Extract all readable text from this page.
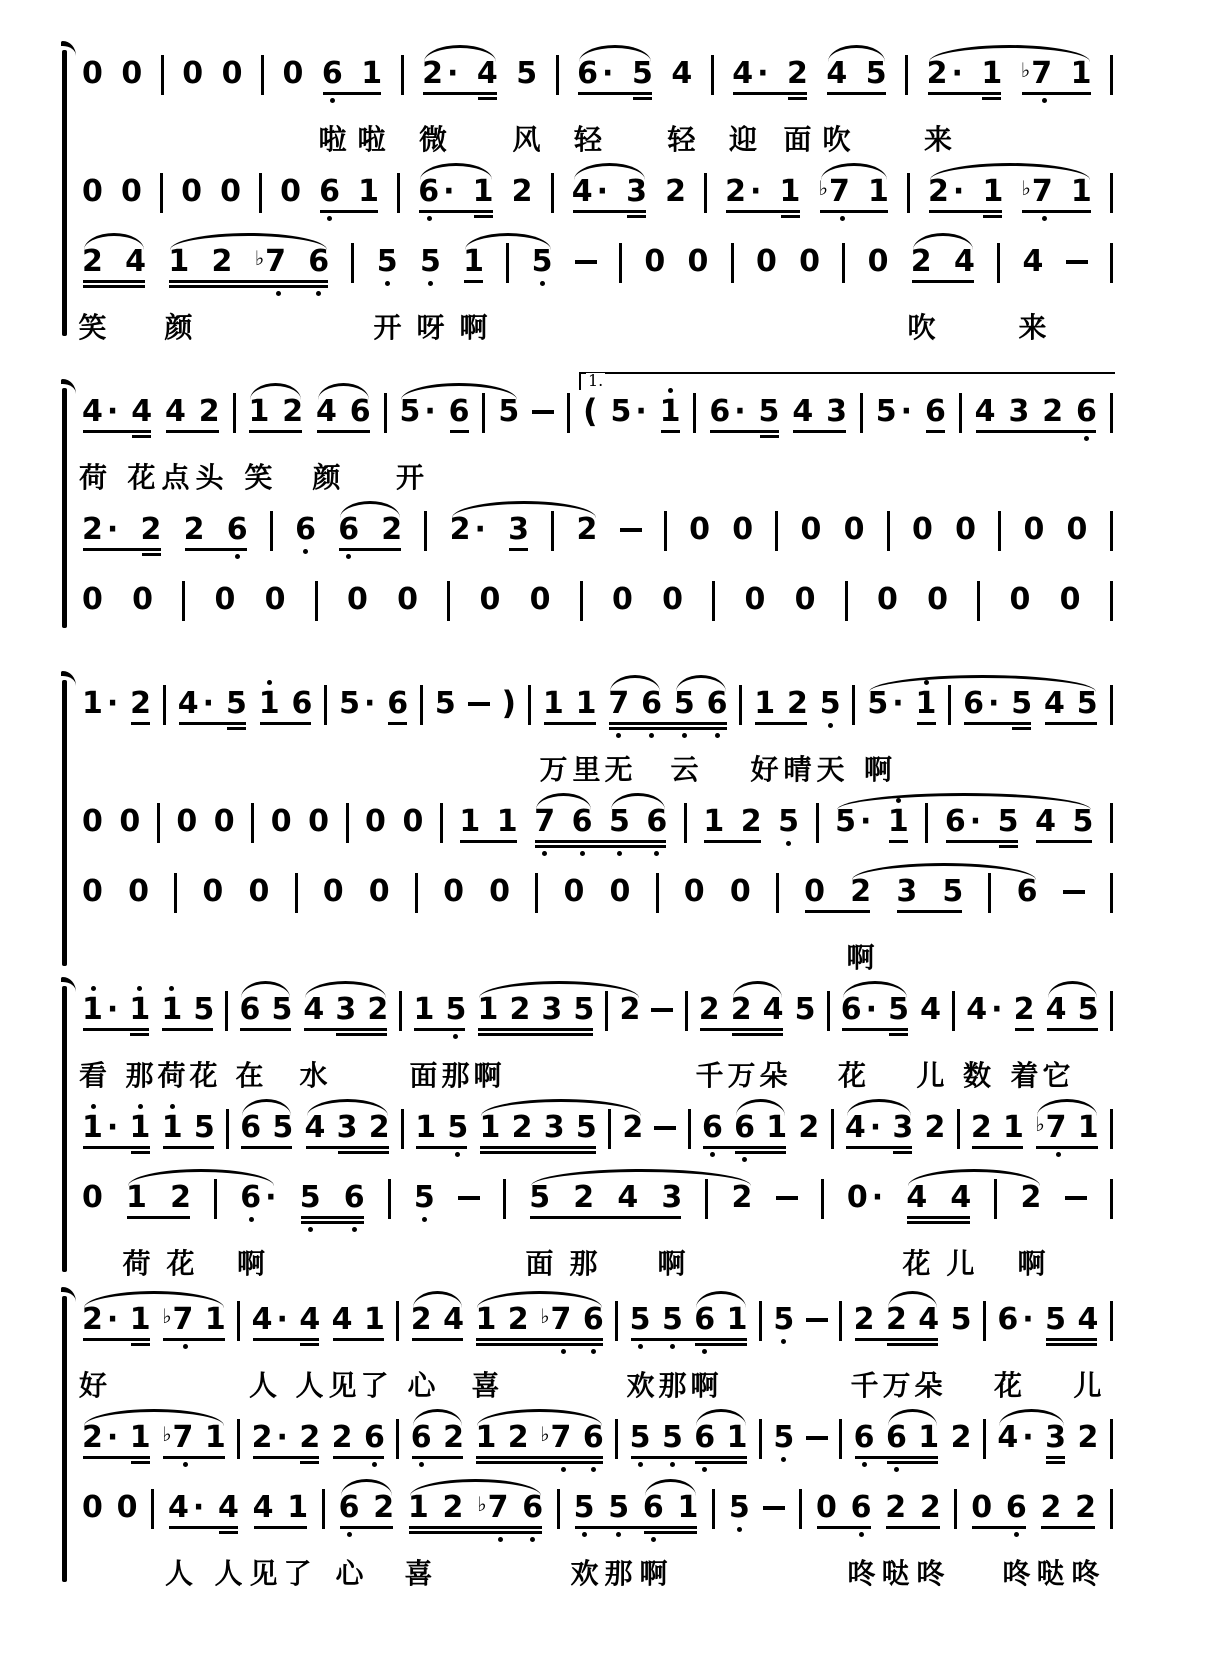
0 0 0 0 0 6 1 2 · 4 5 6 · 5 4 4 · 2 4 5 2 · 1 ♭7 1
啦 啦 微 风 轻 轻 迎 面 吹	来
0 0 0 0 0 6 1 6 · 1 2 4 · 3 2 2 · 1 ♭7 1 2 · 1 ♭7 1
2 4 1 2 ♭7 6 5 5 1 5	0 0 0 0 0 2 4 4
笑 颜	开 呀 啊	吹	来
4 · 4 4 2 1 2 4 6 5 · 6 5 ( 5 · 1 6 · 5 4 3 5 · 6 4 3 2 6
1.
荷 花 点 头 笑 颜 开
2 · 2 2 6 6 6 2 2 · 3 2	0 0 0 0 0 0 0 0
0 0 0 0 0 0 0 0 0 0 0 0 0 0 0 0
1 · 2 4 · 5 1 6 5 · 6 5 ) 1 1 7 6 5 6 1 2 5 5 · 1 6 · 5 4 5
万 里 无 云 好 晴 天 啊
0 0 0 0 0 0 0 0 1 1 7 6 5 6 1 2 5 5 · 1 6 · 5 4 5
0 0 0 0 0 0 0 0 0 0 0 0 0 2 3 5 6
啊
1 · 1 1 5 6 5 4 3 2 1 5 1 2 3 5 2 2 2 4 5 6 · 5 4 4 · 2 4 5
看 那 荷 花 在 水	面 那 啊	千 万 朵 花 儿 数 着 它
1 · 1 1 5 6 5 4 3 2 1 5 1 2 3 5 2 6 6 1 2 4 · 3 2 2 1 ♭7 1
0 1 2 6 · 5 6 5	5 2 4 3 2	0 · 4 4 2
荷 花 啊	面 那 啊	花 儿 啊
2 · 1 ♭7 1 4 · 4 4 1 2 4 1 2 ♭7 6 5 5 6 1 5 2 2 4 5 6 · 5 4
好	人 人 见 了 心 喜	欢 那 啊	千 万 朵 花 儿
2 · 1 ♭7 1 2 · 2 2 6 6 2 1 2 ♭7 6 5 5 6 1 5 6 6 1 2 4 · 3 2
0 0 4 · 4 4 1 6 2 1 2 ♭7 6 5 5 6 1 5 0 6 2 2 0 6 2 2
人 人 见 了 心 喜	欢 那 啊	咚 哒 咚 咚 哒 咚
